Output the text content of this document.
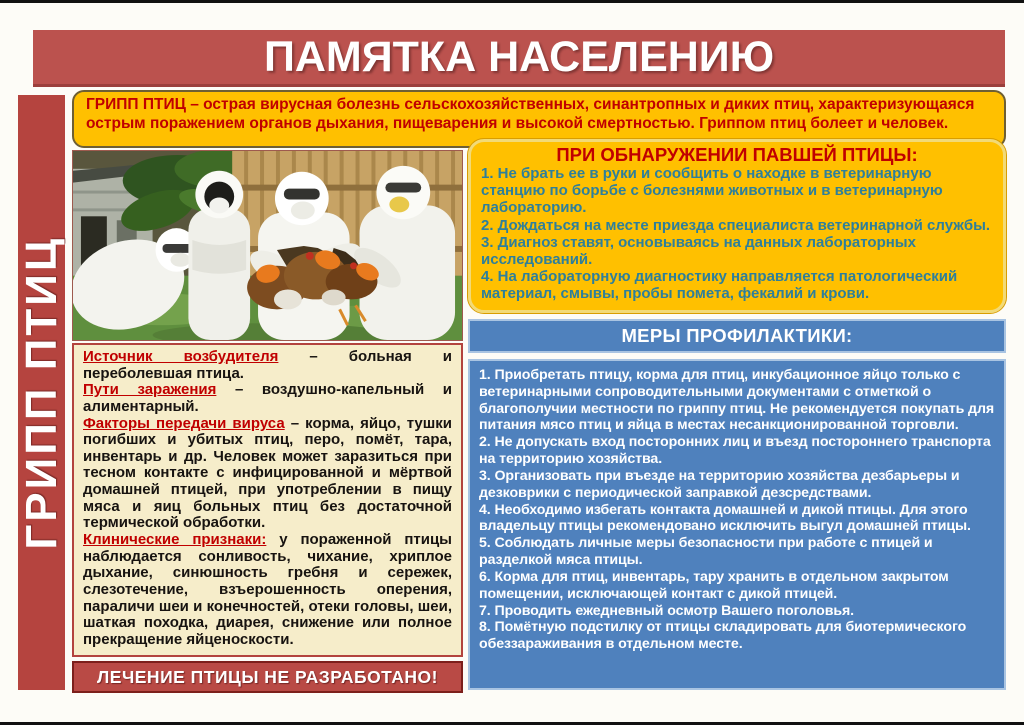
ПАМЯТКА НАСЕЛЕНИЮ
ГРИПП ПТИЦ
ГРИПП ПТИЦ – острая вирусная болезнь сельскохозяйственных, синантропных и диких птиц, характеризующаяся острым поражением органов дыхания, пищеварения и высокой смертностью. Гриппом птиц болеет и человек.

Источник возбудителя – больная и переболевшая птица.

Пути заражения – воздушно-капельный и алиментарный.

Факторы передачи вируса – корма, яйцо, тушки погибших и убитых птиц, перо, помёт, тара, инвентарь и др. Человек может заразиться при тесном контакте с инфицированной и мёртвой домашней птицей, при употреблении в пищу мяса и яиц больных птиц без достаточной термической обработки.

Клинические признаки: у пораженной птицы наблюдается сонливость, чихание, хриплое дыхание, синюшность гребня и сережек, слезотечение, взъерошенность оперения, параличи шеи и конечностей, отеки головы, шеи, шаткая походка, диарея, снижение или полное прекращение яйценоскости.

ЛЕЧЕНИЕ ПТИЦЫ НЕ РАЗРАБОТАНО!
ПРИ ОБНАРУЖЕНИИ ПАВШЕЙ ПТИЦЫ:
1. Не брать ее в руки и сообщить о находке в ветеринарную станцию по борьбе с болезнями животных и в ветеринарную лабораторию.
2. Дождаться на месте приезда специалиста ветеринарной службы.
3. Диагноз ставят, основываясь на данных лабораторных исследований.
4. На лабораторную диагностику направляется патологический материал, смывы, пробы помета, фекалий и крови.
МЕРЫ ПРОФИЛАКТИКИ:
1. Приобретать птицу, корма для птиц, инкубационное яйцо только с ветеринарными сопроводительными документами с отметкой о благополучии местности по гриппу птиц. Не рекомендуется покупать для питания мясо птиц и яйца в местах несанкционированной торговли.
2. Не допускать вход посторонних лиц и въезд постороннего транспорта на территорию хозяйства.
3. Организовать при въезде на территорию хозяйства дезбарьеры и дезковрики с периодической заправкой дезсредствами.
4. Необходимо избегать контакта домашней и дикой птицы. Для этого владельцу птицы рекомендовано исключить выгул домашней птицы.
5. Соблюдать личные меры безопасности при работе с птицей и разделкой мяса птицы.
6. Корма для птиц, инвентарь, тару хранить в отдельном закрытом помещении, исключающей контакт с дикой птицей.
7. Проводить ежедневный осмотр Вашего поголовья.
8. Помётную подстилку от птицы складировать для биотермического обеззараживания в отдельном месте.
